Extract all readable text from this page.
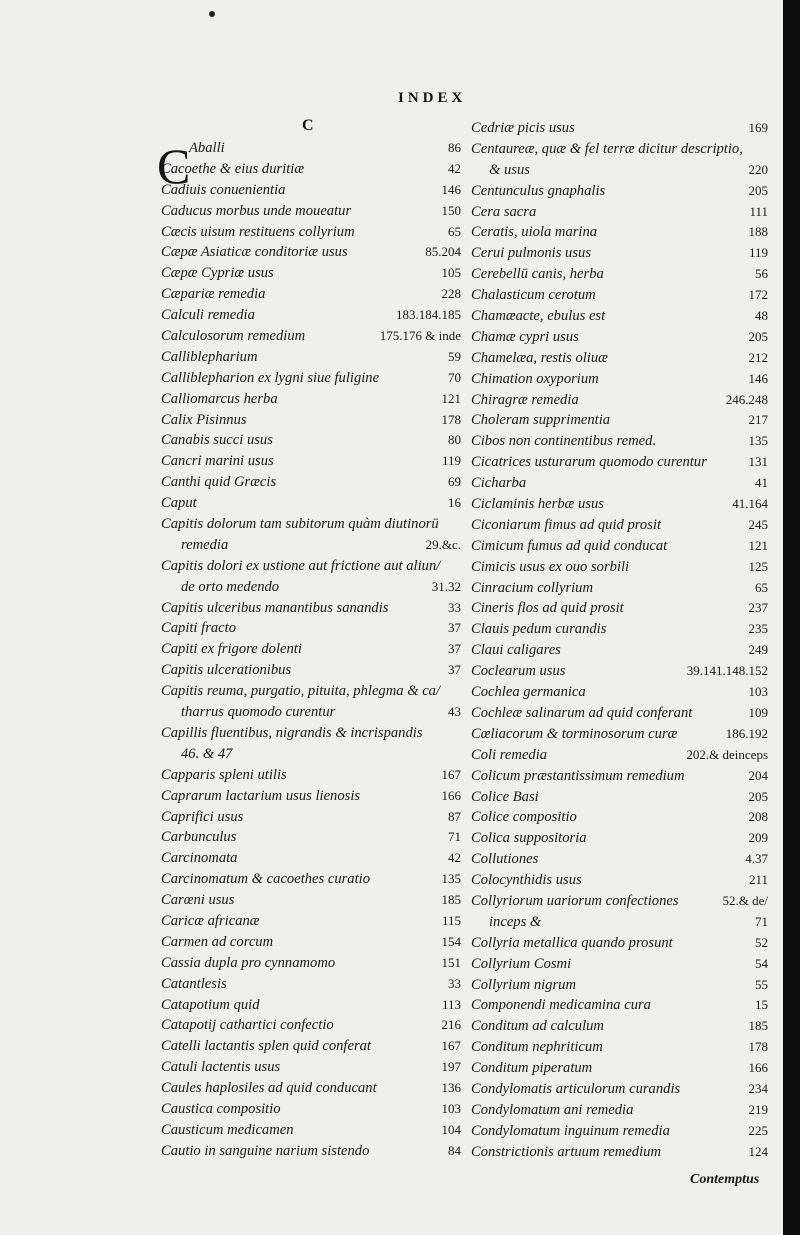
INDEX
C
C
Aballi	86
Cacoethe & eius duritiæ	42
Cadiuis conuenientia	146
Caducus morbus unde moueatur	150
Cæcis uisum restituens collyrium	65
Cæpæ Asiaticæ conditoriæ usus	85.204
Cæpæ Cypriæ usus	105
Cæpariæ remedia	228
Calculi remedia	183.184.185
Calculosorum remedium	175.176 & inde
Calliblepharium	59
Calliblepharion ex lygni siue fuligine	70
Calliomarcus herba	121
Calix Pisinnus	178
Canabis succi usus	80
Cancri marini usus	119
Canthi quid Græcis	69
Caput	16
Capitis dolorum tam subitorum quàm diutinorū
remedia	29.&c.
Capitis dolori ex ustione aut frictione aut aliun/
de orto medendo	31.32
Capitis ulceribus manantibus sanandis	33
Capiti fracto	37
Capiti ex frigore dolenti	37
Capitis ulcerationibus	37
Capitis reuma, purgatio, pituita, phlegma & ca/
tharrus quomodo curentur	43
Capillis fluentibus, nigrandis & incrispandis
46. & 47
Capparis spleni utilis	167
Caprarum lactarium usus lienosis	166
Caprifici usus	87
Carbunculus	71
Carcinomata	42
Carcinomatum & cacoethes curatio	135
Carœni usus	185
Caricæ africanæ	115
Carmen ad corcum	154
Cassia dupla pro cynnamomo	151
Catantlesis	33
Catapotium quid	113
Catapotij cathartici confectio	216
Catelli lactantis splen quid conferat	167
Catuli lactentis usus	197
Caules haplosiles ad quid conducant	136
Caustica compositio	103
Causticum medicamen	104
Cautio in sanguine narium sistendo	84
Cedriæ picis usus	169
Centaureæ, quæ & fel terræ dicitur descriptio,
& usus	220
Centunculus gnaphalis	205
Cera sacra	111
Ceratis, uiola marina	188
Cerui pulmonis usus	119
Cerebellū canis, herba	56
Chalasticum cerotum	172
Chamæacte, ebulus est	48
Chamæ cypri usus	205
Chamelæa, restis oliuæ	212
Chimation oxyporium	146
Chiragræ remedia	246.248
Choleram supprimentia	217
Cibos non continentibus remed.	135
Cicatrices usturarum quomodo curentur	131
Cicharba	41
Ciclaminis herbæ usus	41.164
Ciconiarum fimus ad quid prosit	245
Cimicum fumus ad quid conducat	121
Cimicis usus ex ouo sorbili	125
Cinracium collyrium	65
Cineris flos ad quid prosit	237
Clauis pedum curandis	235
Claui caligares	249
Coclearum usus	39.141.148.152
Cochlea germanica	103
Cochleæ salinarum ad quid conferant	109
Cœliacorum & torminosorum curæ	186.192
Coli remedia	202.& deinceps
Colicum præstantissimum remedium	204
Colice Basi	205
Colice compositio	208
Colica suppositoria	209
Collutiones	4.37
Colocynthidis usus	211
Collyriorum uariorum confectiones	52.& de/
inceps &	71
Collyria metallica quando prosunt	52
Collyrium Cosmi	54
Collyrium nigrum	55
Componendi medicamina cura	15
Conditum ad calculum	185
Conditum nephriticum	178
Conditum piperatum	166
Condylomatis articulorum curandis	234
Condylomatum ani remedia	219
Condylomatum inguinum remedia	225
Constrictionis artuum remedium	124
Contemptus
